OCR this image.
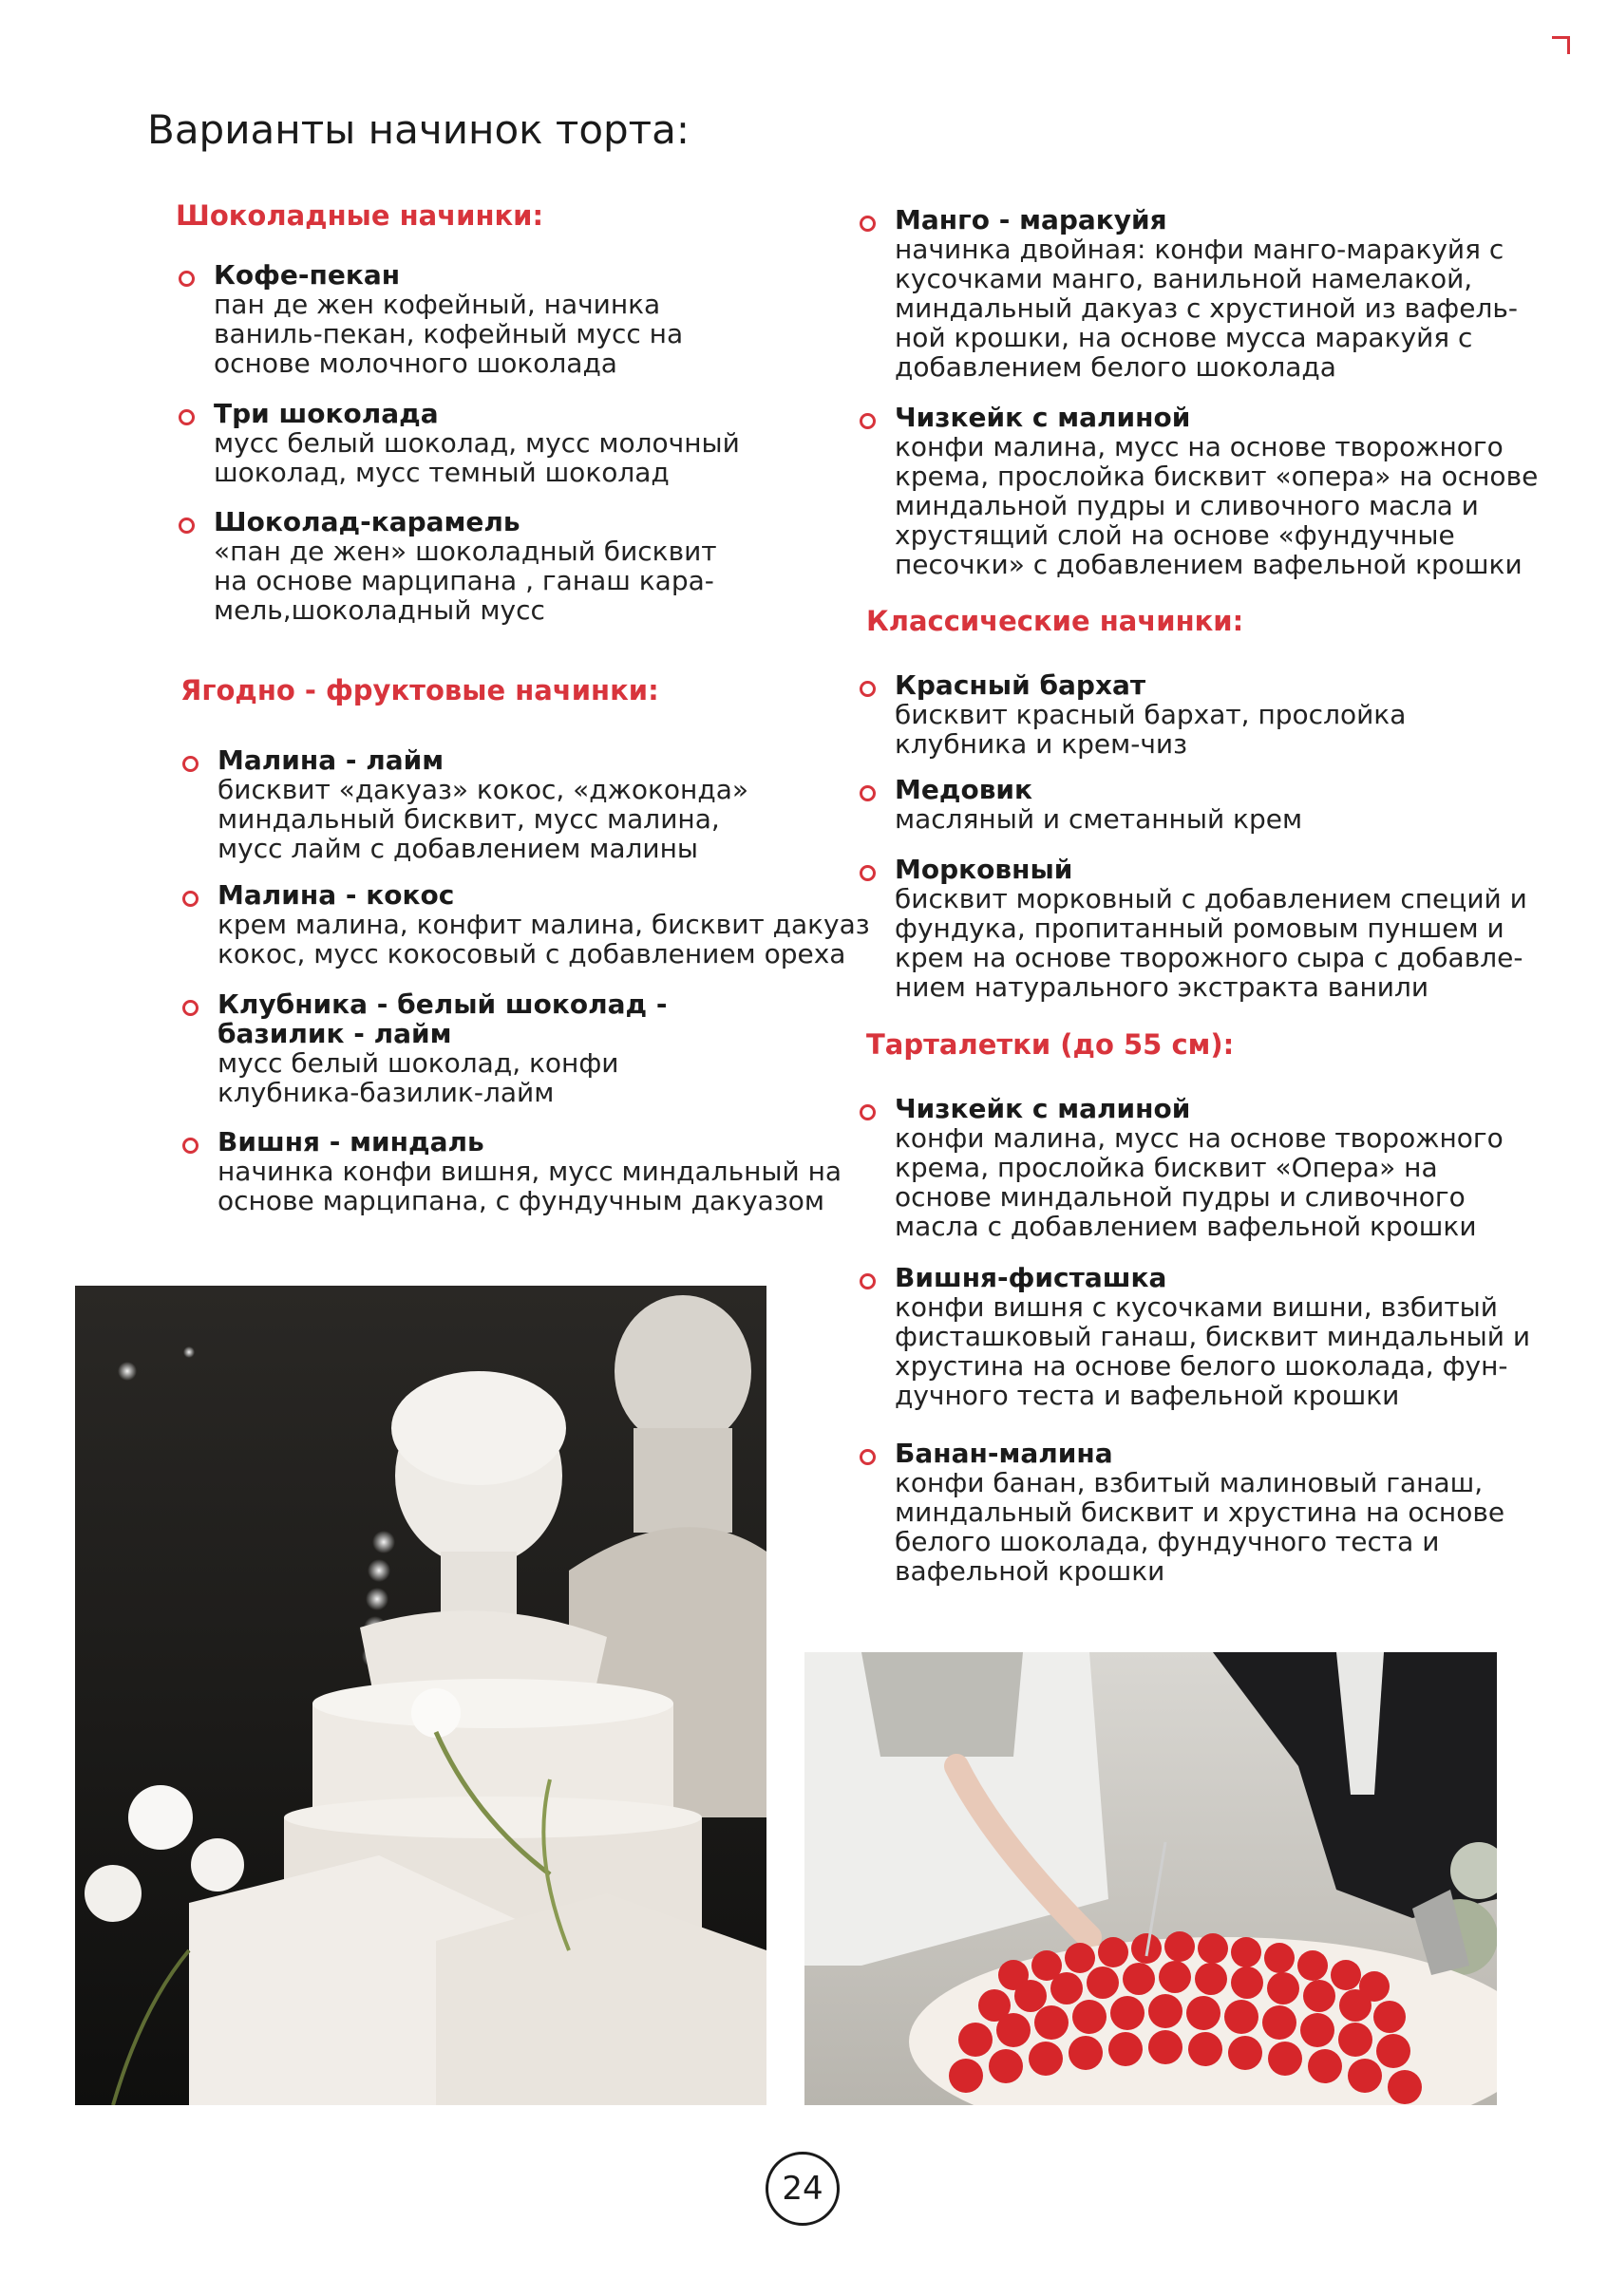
Варианты начинок торта:
Шоколадные начинки:
Кофе-пекан
пан де жен кофейный, начинка
ваниль-пекан, кофейный мусс на
основе молочного шоколада
Три шоколада
мусс белый шоколад, мусс молочный
шоколад, мусс темный шоколад
Шоколад-карамель
«пан де жен» шоколадный бисквит
на основе марципана , ганаш кара-
мель,шоколадный мусс
Ягодно - фруктовые начинки:
Малина - лайм
бисквит «дакуаз» кокос, «джоконда»
миндальный бисквит, мусс малина,
мусс лайм с добавлением малины
Малина - кокос
крем малина, конфит малина, бисквит дакуаз
кокос, мусс кокосовый с добавлением ореха
Клубника - белый шоколад -
базилик - лайм
мусс белый шоколад, конфи
клубника-базилик-лайм
Вишня - миндаль
начинка конфи вишня, мусс миндальный на
основе марципана, с фундучным дакуазом
Манго - маракуйя
начинка двойная: конфи манго-маракуйя с
кусочками манго, ванильной намелакой,
миндальный дакуаз с хрустиной из вафель-
ной крошки, на основе мусса маракуйя с
добавлением белого шоколада
Чизкейк с малиной
конфи малина, мусс на основе творожного
крема, прослойка бисквит «опера» на основе
миндальной пудры и сливочного масла и
хрустящий слой на основе «фундучные
песочки» с добавлением вафельной крошки
Классические начинки:
Красный бархат
бисквит красный бархат, прослойка
клубника и крем-чиз
Медовик
масляный и сметанный крем
Морковный
бисквит морковный с добавлением специй и
фундука, пропитанный ромовым пуншем и
крем на основе творожного сыра с добавле-
нием натурального экстракта ванили
Тарталетки (до 55 см):
Чизкейк с малиной
конфи малина, мусс на основе творожного
крема, прослойка бисквит «Опера» на
основе миндальной пудры и сливочного
масла с добавлением вафельной крошки
Вишня-фисташка
конфи вишня с кусочками вишни, взбитый
фисташковый ганаш, бисквит миндальный и
хрустина на основе белого шоколада, фун-
дучного теста и вафельной крошки
Банан-малина
конфи банан, взбитый малиновый ганаш,
миндальный бисквит и хрустина на основе
белого шоколада, фундучного теста и
вафельной крошки
24
